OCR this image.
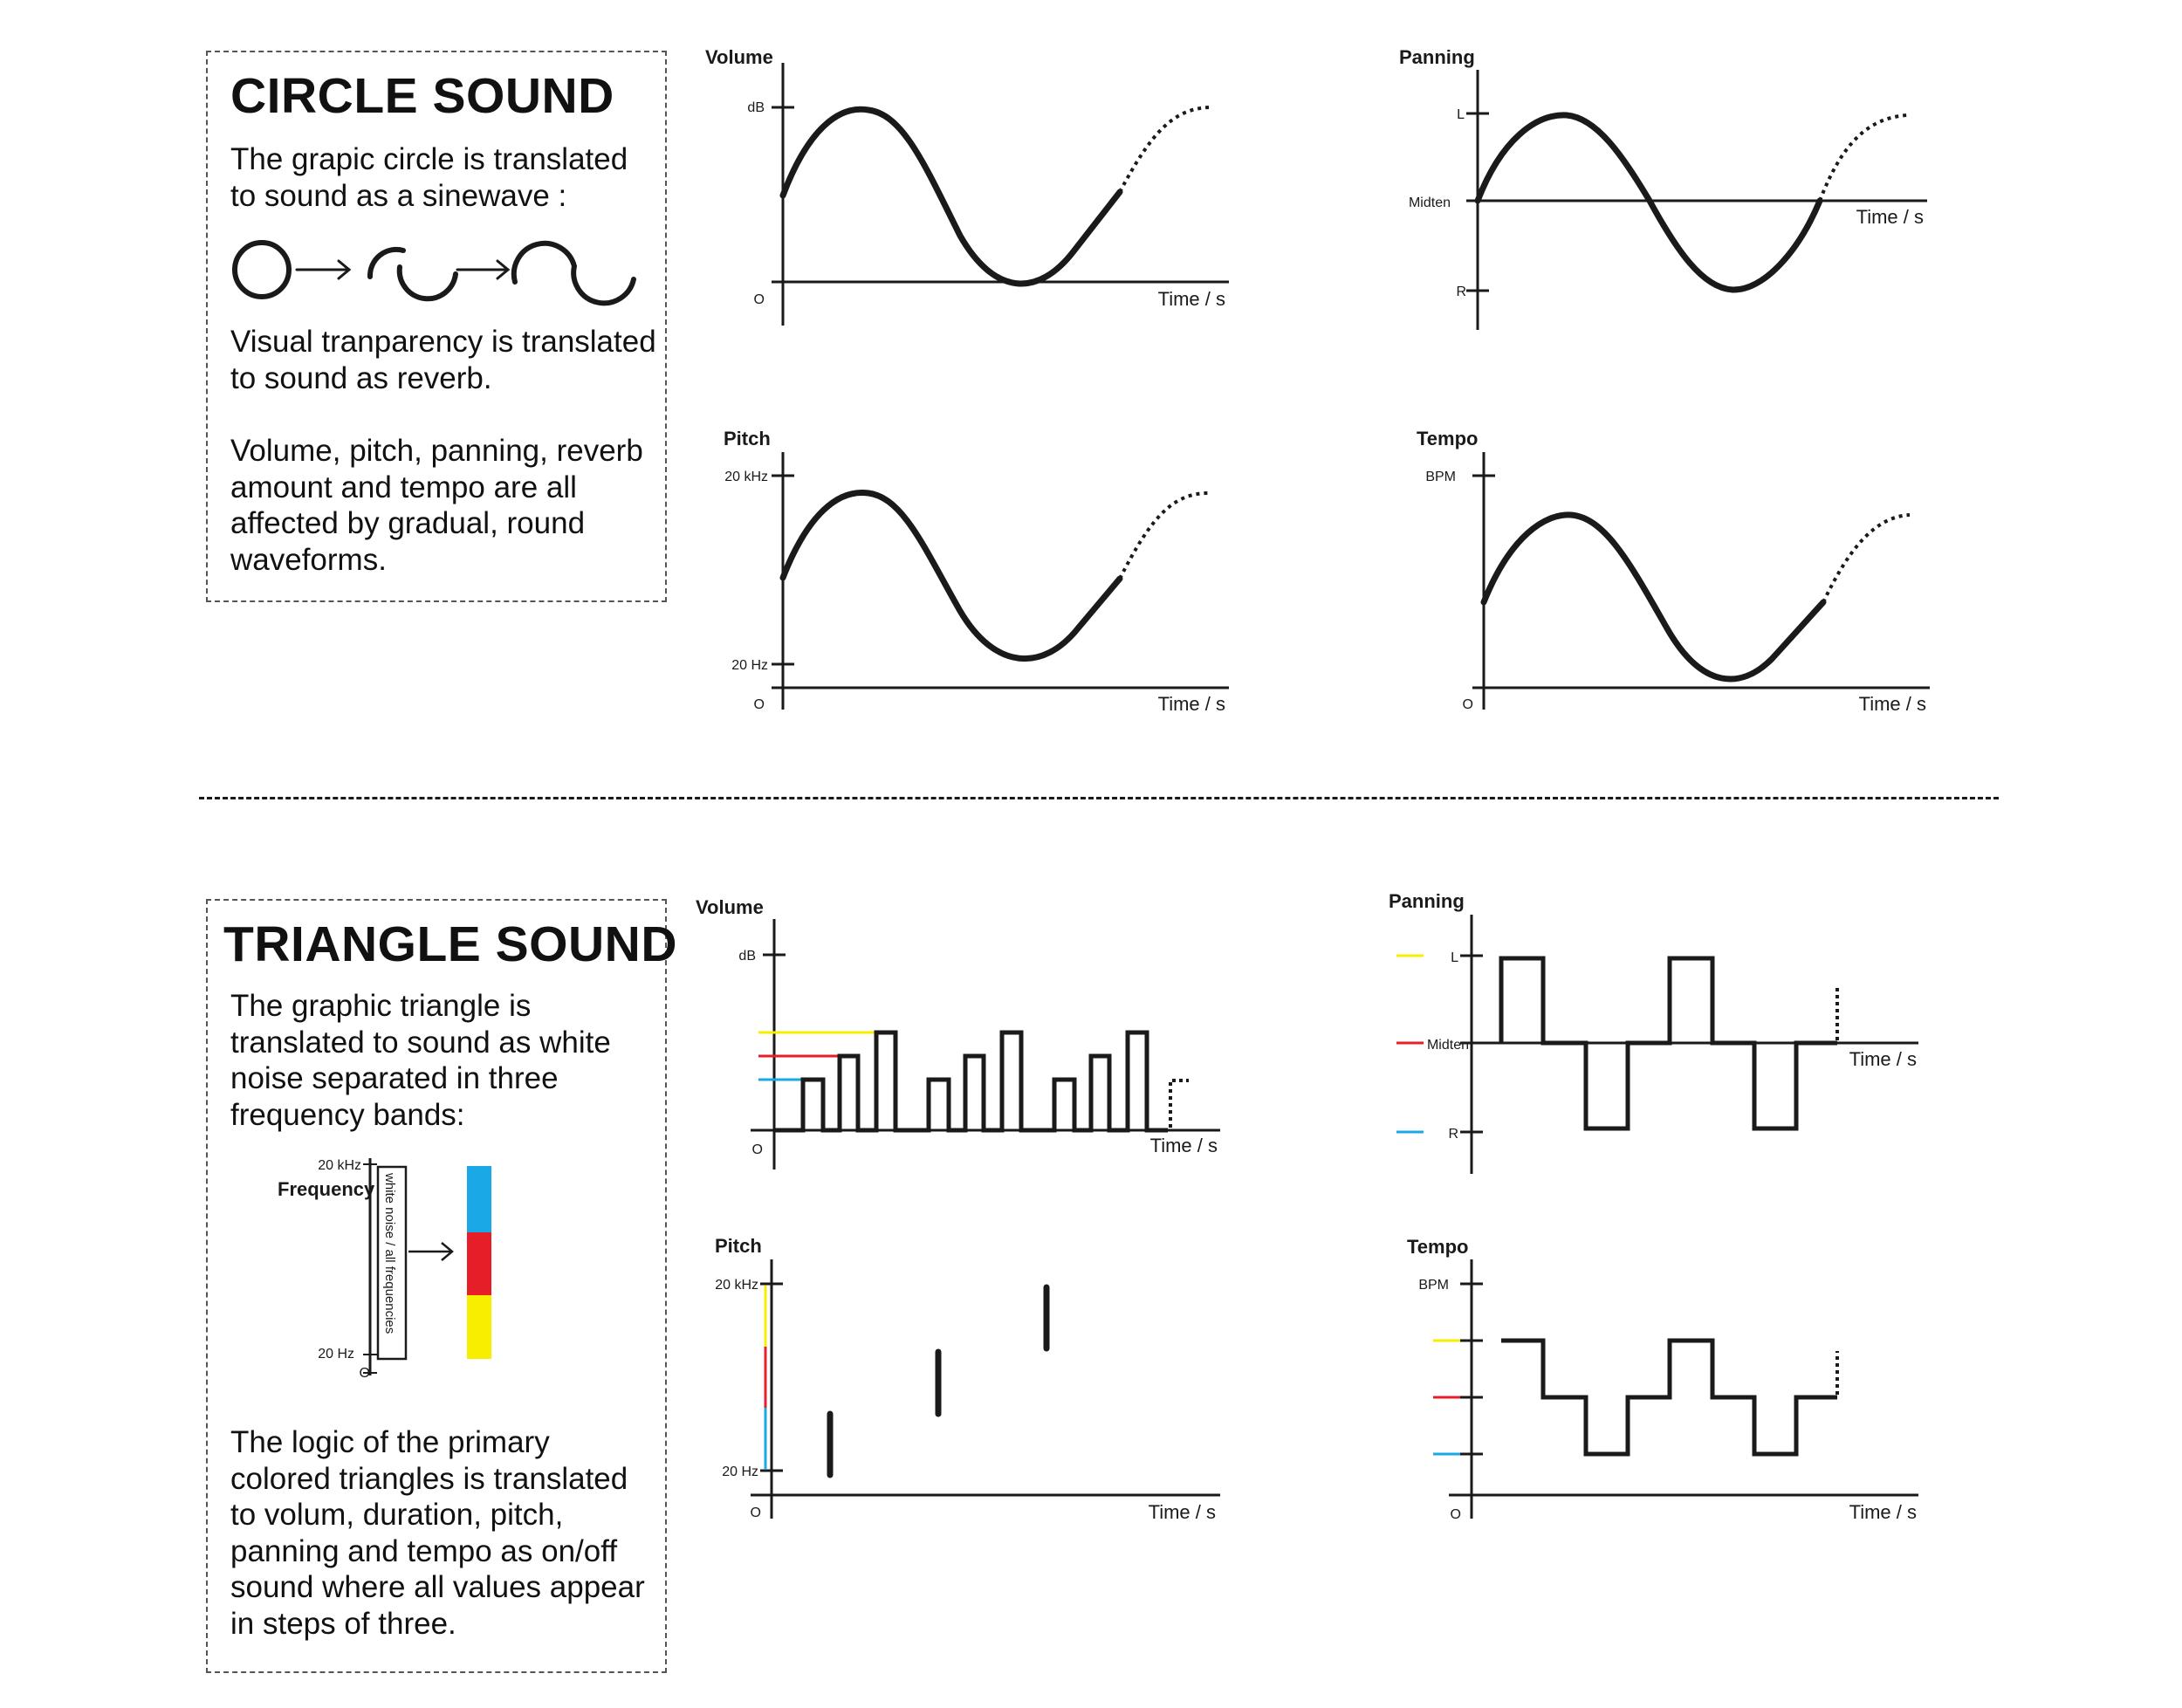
CIRCLE SOUND

The grapic circle is translated to sound as a sinewave :

Visual tranparency is translated to sound as reverb.

Volume, pitch, panning, reverb amount and tempo are all affected by gradual, round waveforms.

Volume
dB
O	Time / s
Panning
L
Midten
R
Time / s
Pitch
20 kHz
20 Hz
O	Time / s
Tempo
BPM
O	Time / s
TRIANGLE SOUND

The graphic triangle is translated to sound as white noise separated in three frequency bands:

Frequency
20 kHz
20 Hz
O
white noise / all frequencies

The logic of the primary colored triangles is translated to volum, duration, pitch, panning and tempo as on/off sound where all values appear in steps of three.

Volume
dB
O	Time / s
Panning
L
Midten
R
Time / s
Pitch
20 kHz
20 Hz
O	Time / s
Tempo
BPM
O	Time / s
